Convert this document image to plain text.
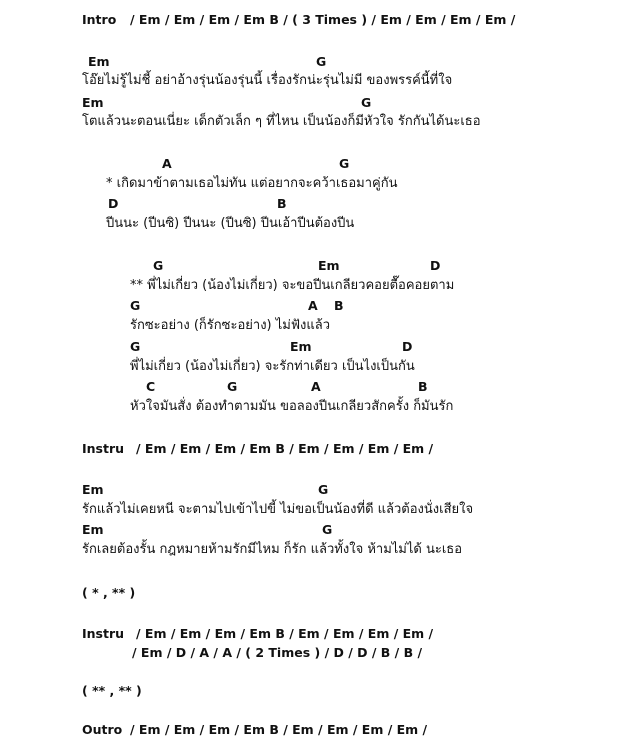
Intro / Em / Em / Em / Em B / ( 3 Times ) / Em / Em / Em / Em /
Em	G
โอ๊ยไม่รู้ไม่ชี้ อย่าอ้างรุ่นน้องรุ่นนี้ เรื่องรักน่ะรุ่นไม่มี ของพรรค์นี้ที่ใจ
Em	G
โตแล้วนะตอนเนี่ยะ เด็กตัวเล็ก ๆ ที่ไหน เป็นน้องก็มีหัวใจ รักกันได้นะเธอ
A	G
* เกิดมาข้าตามเธอไม่ทัน แต่อยากจะคว้าเธอมาคู่กัน
D	B
ปีนนะ (ปีนซิ) ปีนนะ (ปีนซิ) ปีนเอ้าปีนต้องปีน
G	Em	D
** พี่ไม่เกี่ยว (น้องไม่เกี่ยว) จะขอปีนเกลียวคอยตื๊อคอยตาม
G	A B
รักซะอย่าง (ก็รักซะอย่าง) ไม่ฟังแล้ว
G	Em	D
พี่ไม่เกี่ยว (น้องไม่เกี่ยว) จะรักท่าเดียว เป็นไงเป็นกัน
C	G	A	B
หัวใจมันสั่ง ต้องทำตามมัน ขอลองปีนเกลียวสักครั้ง ก็มันรัก
Instru / Em / Em / Em / Em B / Em / Em / Em / Em /
Em	G
รักแล้วไม่เคยหนี จะตามไปเข้าไปขี้ ไม่ขอเป็นน้องที่ดี แล้วต้องนั่งเสียใจ
Em	G
รักเลยต้องรั้น กฎหมายห้ามรักมีไหม ก็รัก แล้วทั้งใจ ห้ามไม่ได้ นะเธอ
( * , ** )
Instru / Em / Em / Em / Em B / Em / Em / Em / Em /
/ Em / D / A / A / ( 2 Times ) / D / D / B / B /
( ** , ** )
Outro / Em / Em / Em / Em B / Em / Em / Em / Em /
